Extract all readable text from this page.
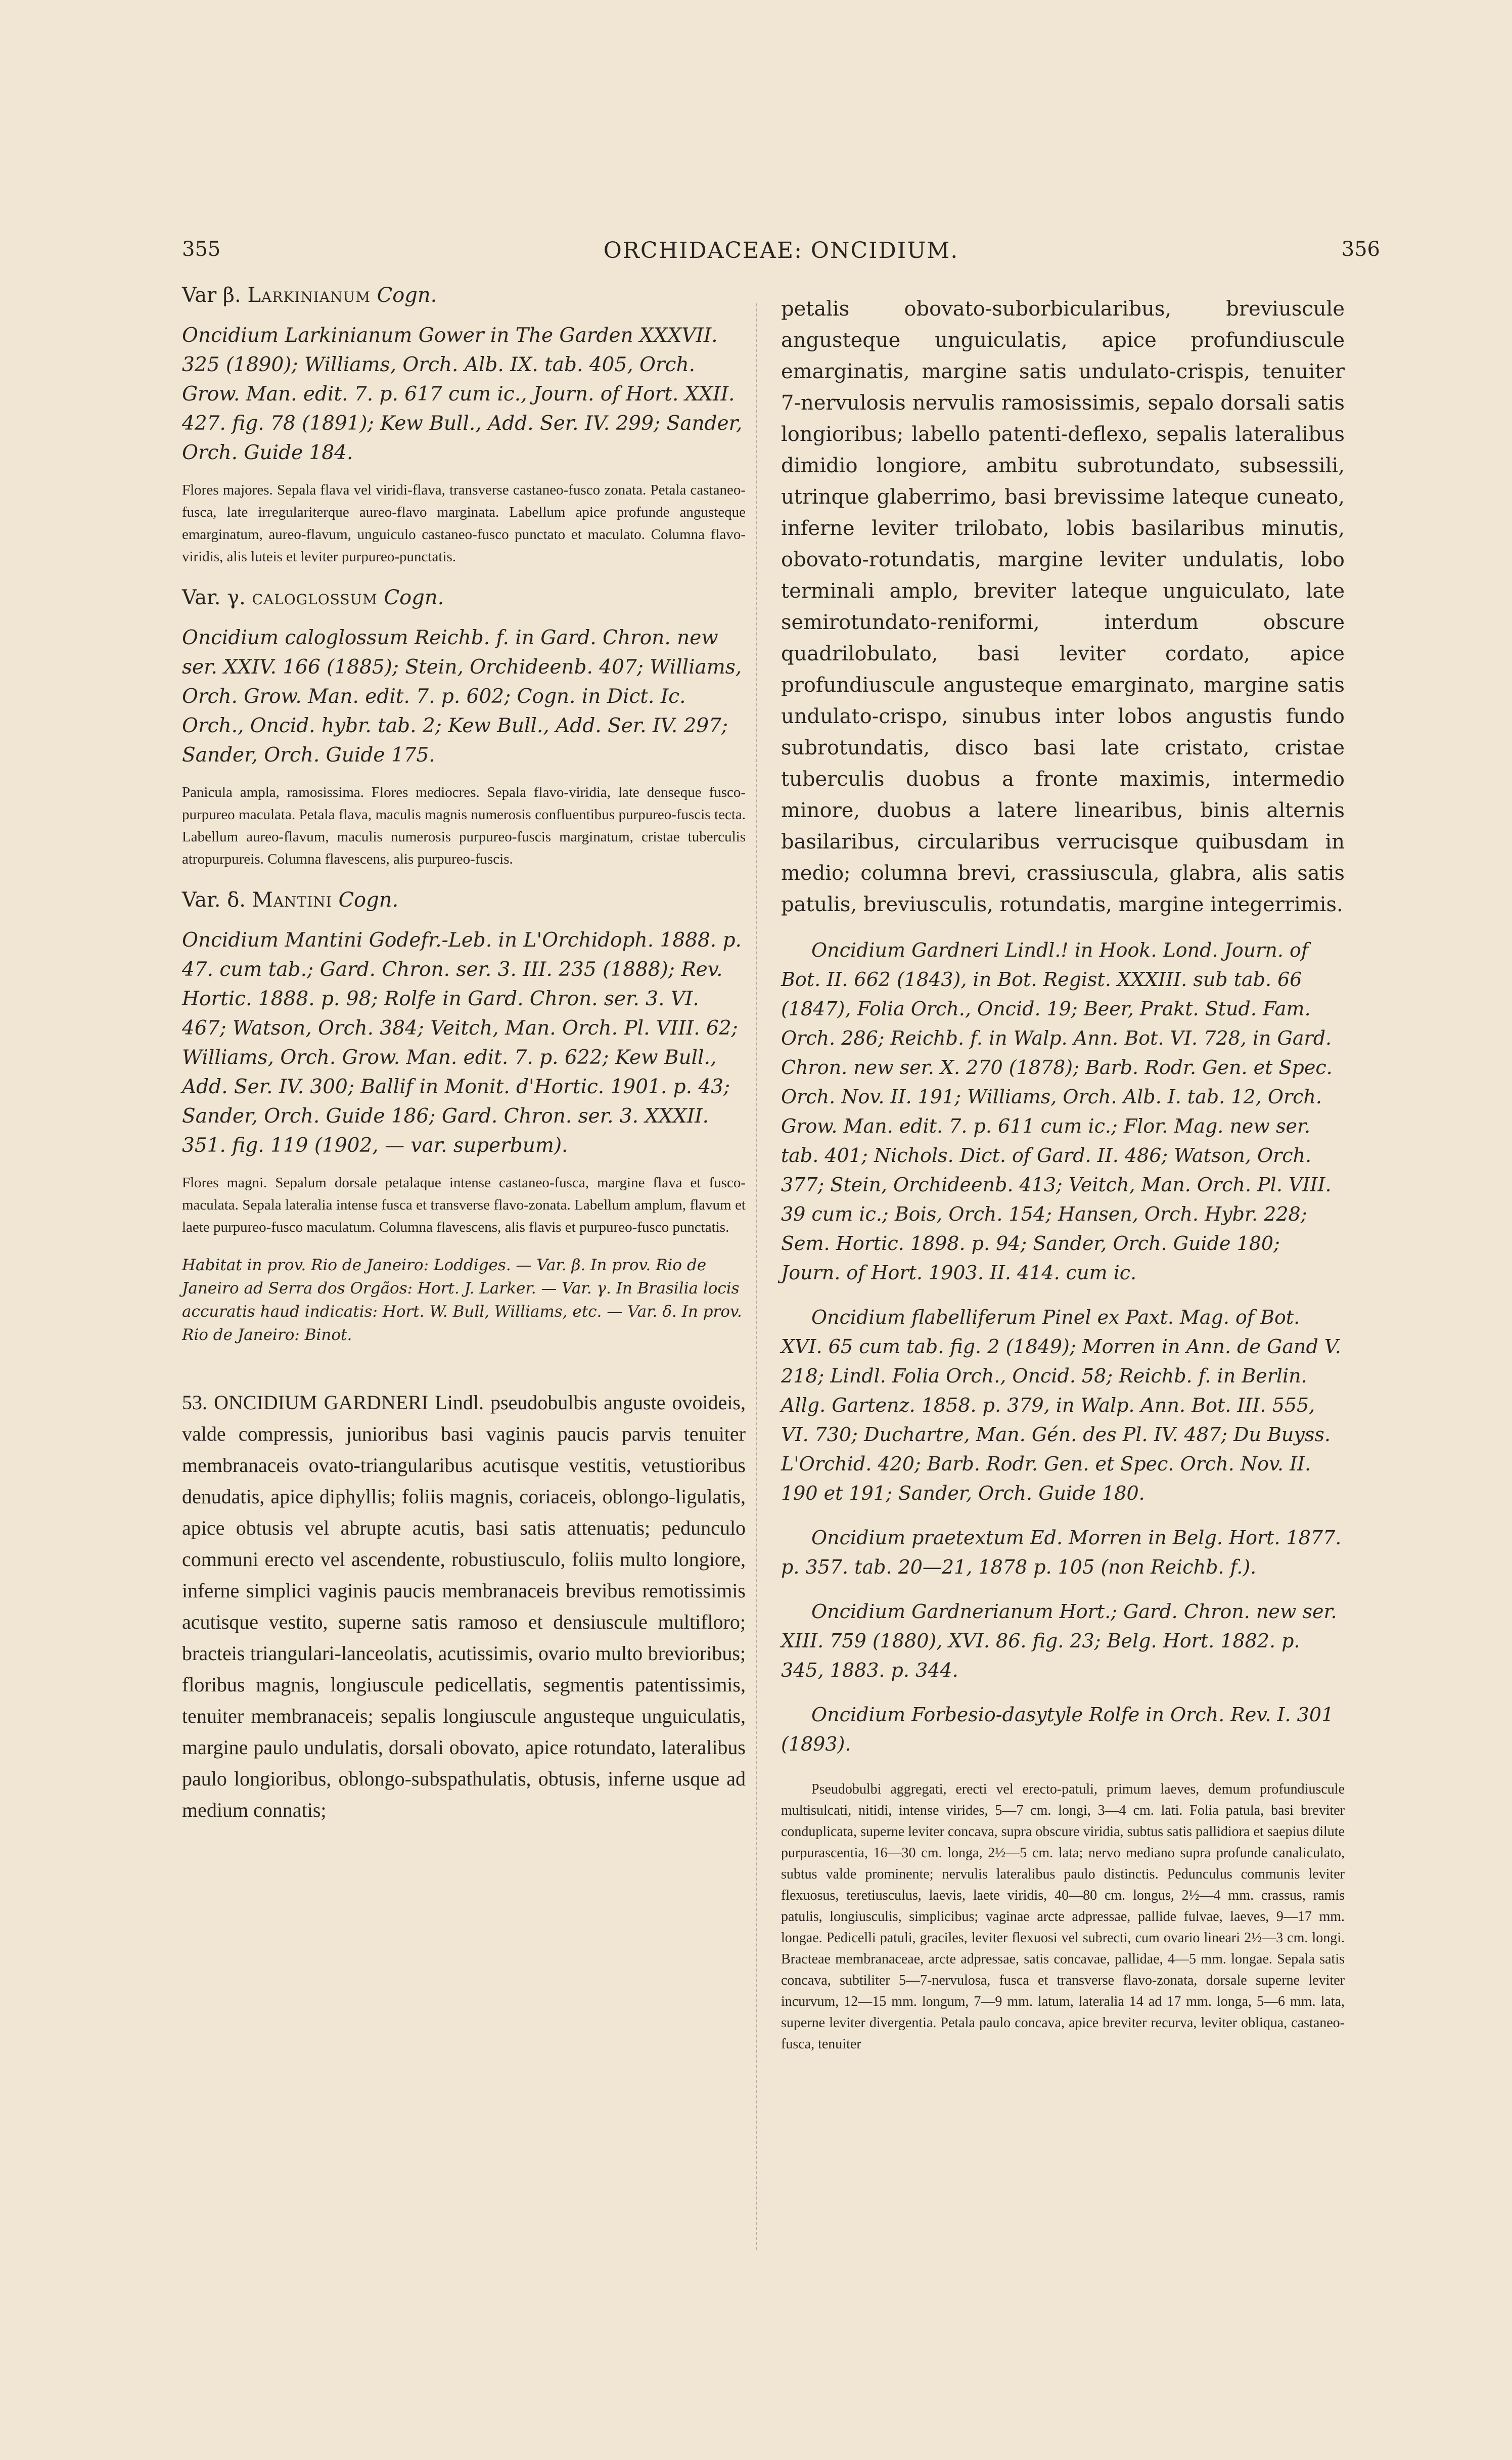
355	ORCHIDACEAE: ONCIDIUM.	356
Var β. Larkinianum Cogn.

Oncidium Larkinianum Gower in The Garden XXXVII. 325 (1890); Williams, Orch. Alb. IX. tab. 405, Orch. Grow. Man. edit. 7. p. 617 cum ic., Journ. of Hort. XXII. 427. fig. 78 (1891); Kew Bull., Add. Ser. IV. 299; Sander, Orch. Guide 184.

Flores majores. Sepala flava vel viridi-flava, transverse castaneo-fusco zonata. Petala castaneo-fusca, late irregulariterque aureo-flavo marginata. Labellum apice profunde angusteque emarginatum, aureo-flavum, unguiculo castaneo-fusco punctato et maculato. Columna flavo-viridis, alis luteis et leviter purpureo-punctatis.

Var. γ. caloglossum Cogn.

Oncidium caloglossum Reichb. f. in Gard. Chron. new ser. XXIV. 166 (1885); Stein, Orchideenb. 407; Williams, Orch. Grow. Man. edit. 7. p. 602; Cogn. in Dict. Ic. Orch., Oncid. hybr. tab. 2; Kew Bull., Add. Ser. IV. 297; Sander, Orch. Guide 175.

Panicula ampla, ramosissima. Flores mediocres. Sepala flavo-viridia, late denseque fusco-purpureo maculata. Petala flava, maculis magnis numerosis confluentibus purpureo-fuscis tecta. Labellum aureo-flavum, maculis numerosis purpureo-fuscis marginatum, cristae tuberculis atropurpureis. Columna flavescens, alis purpureo-fuscis.

Var. δ. Mantini Cogn.

Oncidium Mantini Godefr.-Leb. in L'Orchidoph. 1888. p. 47. cum tab.; Gard. Chron. ser. 3. III. 235 (1888); Rev. Hortic. 1888. p. 98; Rolfe in Gard. Chron. ser. 3. VI. 467; Watson, Orch. 384; Veitch, Man. Orch. Pl. VIII. 62; Williams, Orch. Grow. Man. edit. 7. p. 622; Kew Bull., Add. Ser. IV. 300; Ballif in Monit. d'Hortic. 1901. p. 43; Sander, Orch. Guide 186; Gard. Chron. ser. 3. XXXII. 351. fig. 119 (1902, — var. superbum).

Flores magni. Sepalum dorsale petalaque intense castaneo-fusca, margine flava et fusco-maculata. Sepala lateralia intense fusca et transverse flavo-zonata. Labellum amplum, flavum et laete purpureo-fusco maculatum. Columna flavescens, alis flavis et purpureo-fusco punctatis.

Habitat in prov. Rio de Janeiro: Loddiges. — Var. β. In prov. Rio de Janeiro ad Serra dos Orgãos: Hort. J. Larker. — Var. γ. In Brasilia locis accuratis haud indicatis: Hort. W. Bull, Williams, etc. — Var. δ. In prov. Rio de Janeiro: Binot.

53. ONCIDIUM GARDNERI Lindl. pseudobulbis anguste ovoideis, valde compressis, junioribus basi vaginis paucis parvis tenuiter membranaceis ovato-triangularibus acutisque vestitis, vetustioribus denudatis, apice diphyllis; foliis magnis, coriaceis, oblongo-ligulatis, apice obtusis vel abrupte acutis, basi satis attenuatis; pedunculo communi erecto vel ascendente, robustiusculo, foliis multo longiore, inferne simplici vaginis paucis membranaceis brevibus remotissimis acutisque vestito, superne satis ramoso et densiuscule multifloro; bracteis triangulari-lanceolatis, acutissimis, ovario multo brevioribus; floribus magnis, longiuscule pedicellatis, segmentis patentissimis, tenuiter membranaceis; sepalis longiuscule angusteque unguiculatis, margine paulo undulatis, dorsali obovato, apice rotundato, lateralibus paulo longioribus, oblongo-subspathulatis, obtusis, inferne usque ad medium connatis;

petalis obovato-suborbicularibus, breviuscule angusteque unguiculatis, apice profundiuscule emarginatis, margine satis undulato-crispis, tenuiter 7-nervulosis nervulis ramosissimis, sepalo dorsali satis longioribus; labello patenti-deflexo, sepalis lateralibus dimidio longiore, ambitu subrotundato, subsessili, utrinque glaberrimo, basi brevissime lateque cuneato, inferne leviter trilobato, lobis basilaribus minutis, obovato-rotundatis, margine leviter undulatis, lobo terminali amplo, breviter lateque unguiculato, late semirotundato-reniformi, interdum obscure quadrilobulato, basi leviter cordato, apice profundiuscule angusteque emarginato, margine satis undulato-crispo, sinubus inter lobos angustis fundo subrotundatis, disco basi late cristato, cristae tuberculis duobus a fronte maximis, intermedio minore, duobus a latere linearibus, binis alternis basilaribus, circularibus verrucisque quibusdam in medio; columna brevi, crassiuscula, glabra, alis satis patulis, breviusculis, rotundatis, margine integerrimis.

Oncidium Gardneri Lindl.! in Hook. Lond. Journ. of Bot. II. 662 (1843), in Bot. Regist. XXXIII. sub tab. 66 (1847), Folia Orch., Oncid. 19; Beer, Prakt. Stud. Fam. Orch. 286; Reichb. f. in Walp. Ann. Bot. VI. 728, in Gard. Chron. new ser. X. 270 (1878); Barb. Rodr. Gen. et Spec. Orch. Nov. II. 191; Williams, Orch. Alb. I. tab. 12, Orch. Grow. Man. edit. 7. p. 611 cum ic.; Flor. Mag. new ser. tab. 401; Nichols. Dict. of Gard. II. 486; Watson, Orch. 377; Stein, Orchideenb. 413; Veitch, Man. Orch. Pl. VIII. 39 cum ic.; Bois, Orch. 154; Hansen, Orch. Hybr. 228; Sem. Hortic. 1898. p. 94; Sander, Orch. Guide 180; Journ. of Hort. 1903. II. 414. cum ic.

Oncidium flabelliferum Pinel ex Paxt. Mag. of Bot. XVI. 65 cum tab. fig. 2 (1849); Morren in Ann. de Gand V. 218; Lindl. Folia Orch., Oncid. 58; Reichb. f. in Berlin. Allg. Gartenz. 1858. p. 379, in Walp. Ann. Bot. III. 555, VI. 730; Duchartre, Man. Gén. des Pl. IV. 487; Du Buyss. L'Orchid. 420; Barb. Rodr. Gen. et Spec. Orch. Nov. II. 190 et 191; Sander, Orch. Guide 180.

Oncidium praetextum Ed. Morren in Belg. Hort. 1877. p. 357. tab. 20—21, 1878 p. 105 (non Reichb. f.).

Oncidium Gardnerianum Hort.; Gard. Chron. new ser. XIII. 759 (1880), XVI. 86. fig. 23; Belg. Hort. 1882. p. 345, 1883. p. 344.

Oncidium Forbesio-dasytyle Rolfe in Orch. Rev. I. 301 (1893).

Pseudobulbi aggregati, erecti vel erecto-patuli, primum laeves, demum profundiuscule multisulcati, nitidi, intense virides, 5—7 cm. longi, 3—4 cm. lati. Folia patula, basi breviter conduplicata, superne leviter concava, supra obscure viridia, subtus satis pallidiora et saepius dilute purpurascentia, 16—30 cm. longa, 2½—5 cm. lata; nervo mediano supra profunde canaliculato, subtus valde prominente; nervulis lateralibus paulo distinctis. Pedunculus communis leviter flexuosus, teretiusculus, laevis, laete viridis, 40—80 cm. longus, 2½—4 mm. crassus, ramis patulis, longiusculis, simplicibus; vaginae arcte adpressae, pallide fulvae, laeves, 9—17 mm. longae. Pedicelli patuli, graciles, leviter flexuosi vel subrecti, cum ovario lineari 2½—3 cm. longi. Bracteae membranaceae, arcte adpressae, satis concavae, pallidae, 4—5 mm. longae. Sepala satis concava, subtiliter 5—7-nervulosa, fusca et transverse flavo-zonata, dorsale superne leviter incurvum, 12—15 mm. longum, 7—9 mm. latum, lateralia 14 ad 17 mm. longa, 5—6 mm. lata, superne leviter divergentia. Petala paulo concava, apice breviter recurva, leviter obliqua, castaneo-fusca, tenuiter
